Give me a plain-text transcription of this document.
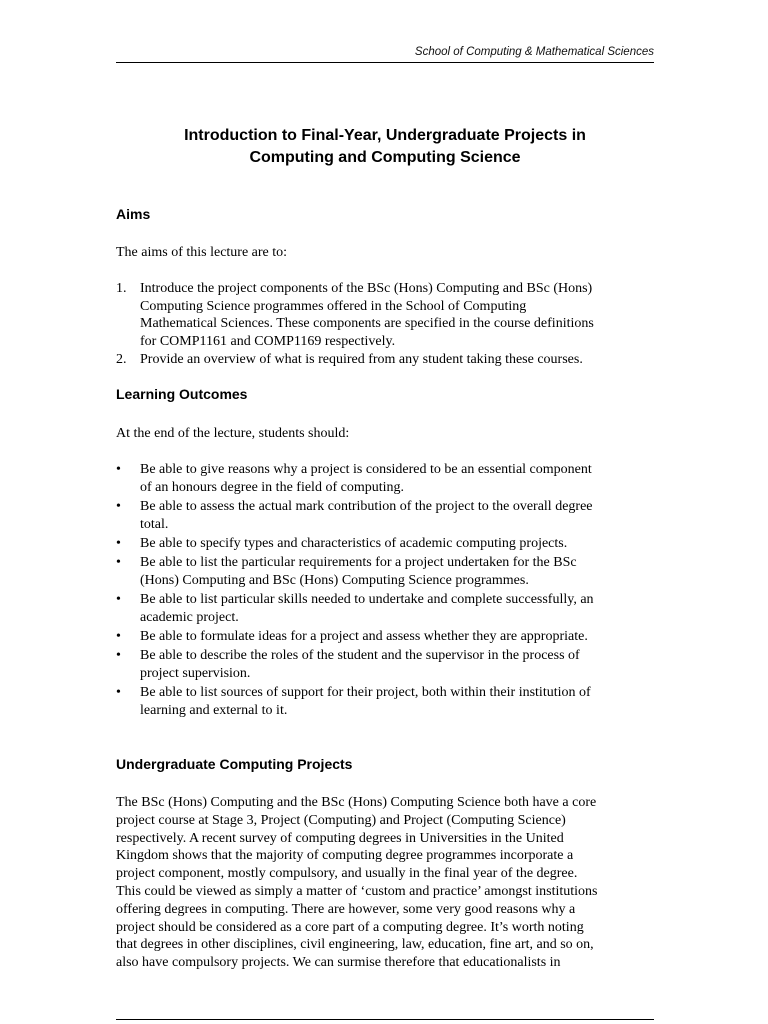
School of Computing & Mathematical Sciences
Introduction to Final-Year, Undergraduate Projects in
Computing and Computing Science
Aims
The aims of this lecture are to:
1. Introduce the project components of the BSc (Hons) Computing and BSc (Hons)
Computing Science programmes offered in the School of Computing
Mathematical Sciences. These components are specified in the course definitions
for COMP1161 and COMP1169 respectively.
2. Provide an overview of what is required from any student taking these courses.
Learning Outcomes
At the end of the lecture, students should:
• Be able to give reasons why a project is considered to be an essential component
of an honours degree in the field of computing.
• Be able to assess the actual mark contribution of the project to the overall degree
total.
• Be able to specify types and characteristics of academic computing projects.
• Be able to list the particular requirements for a project undertaken for the BSc
(Hons) Computing and BSc (Hons) Computing Science programmes.
• Be able to list particular skills needed to undertake and complete successfully, an
academic project.
• Be able to formulate ideas for a project and assess whether they are appropriate.
• Be able to describe the roles of the student and the supervisor in the process of
project supervision.
• Be able to list sources of support for their project, both within their institution of
learning and external to it.
Undergraduate Computing Projects
The BSc (Hons) Computing and the BSc (Hons) Computing Science both have a core
project course at Stage 3, Project (Computing) and Project (Computing Science)
respectively. A recent survey of computing degrees in Universities in the United
Kingdom shows that the majority of computing degree programmes incorporate a
project component, mostly compulsory, and usually in the final year of the degree.
This could be viewed as simply a matter of ‘custom and practice’ amongst institutions
offering degrees in computing. There are however, some very good reasons why a
project should be considered as a core part of a computing degree. It’s worth noting
that degrees in other disciplines, civil engineering, law, education, fine art, and so on,
also have compulsory projects. We can surmise therefore that educationalists in
